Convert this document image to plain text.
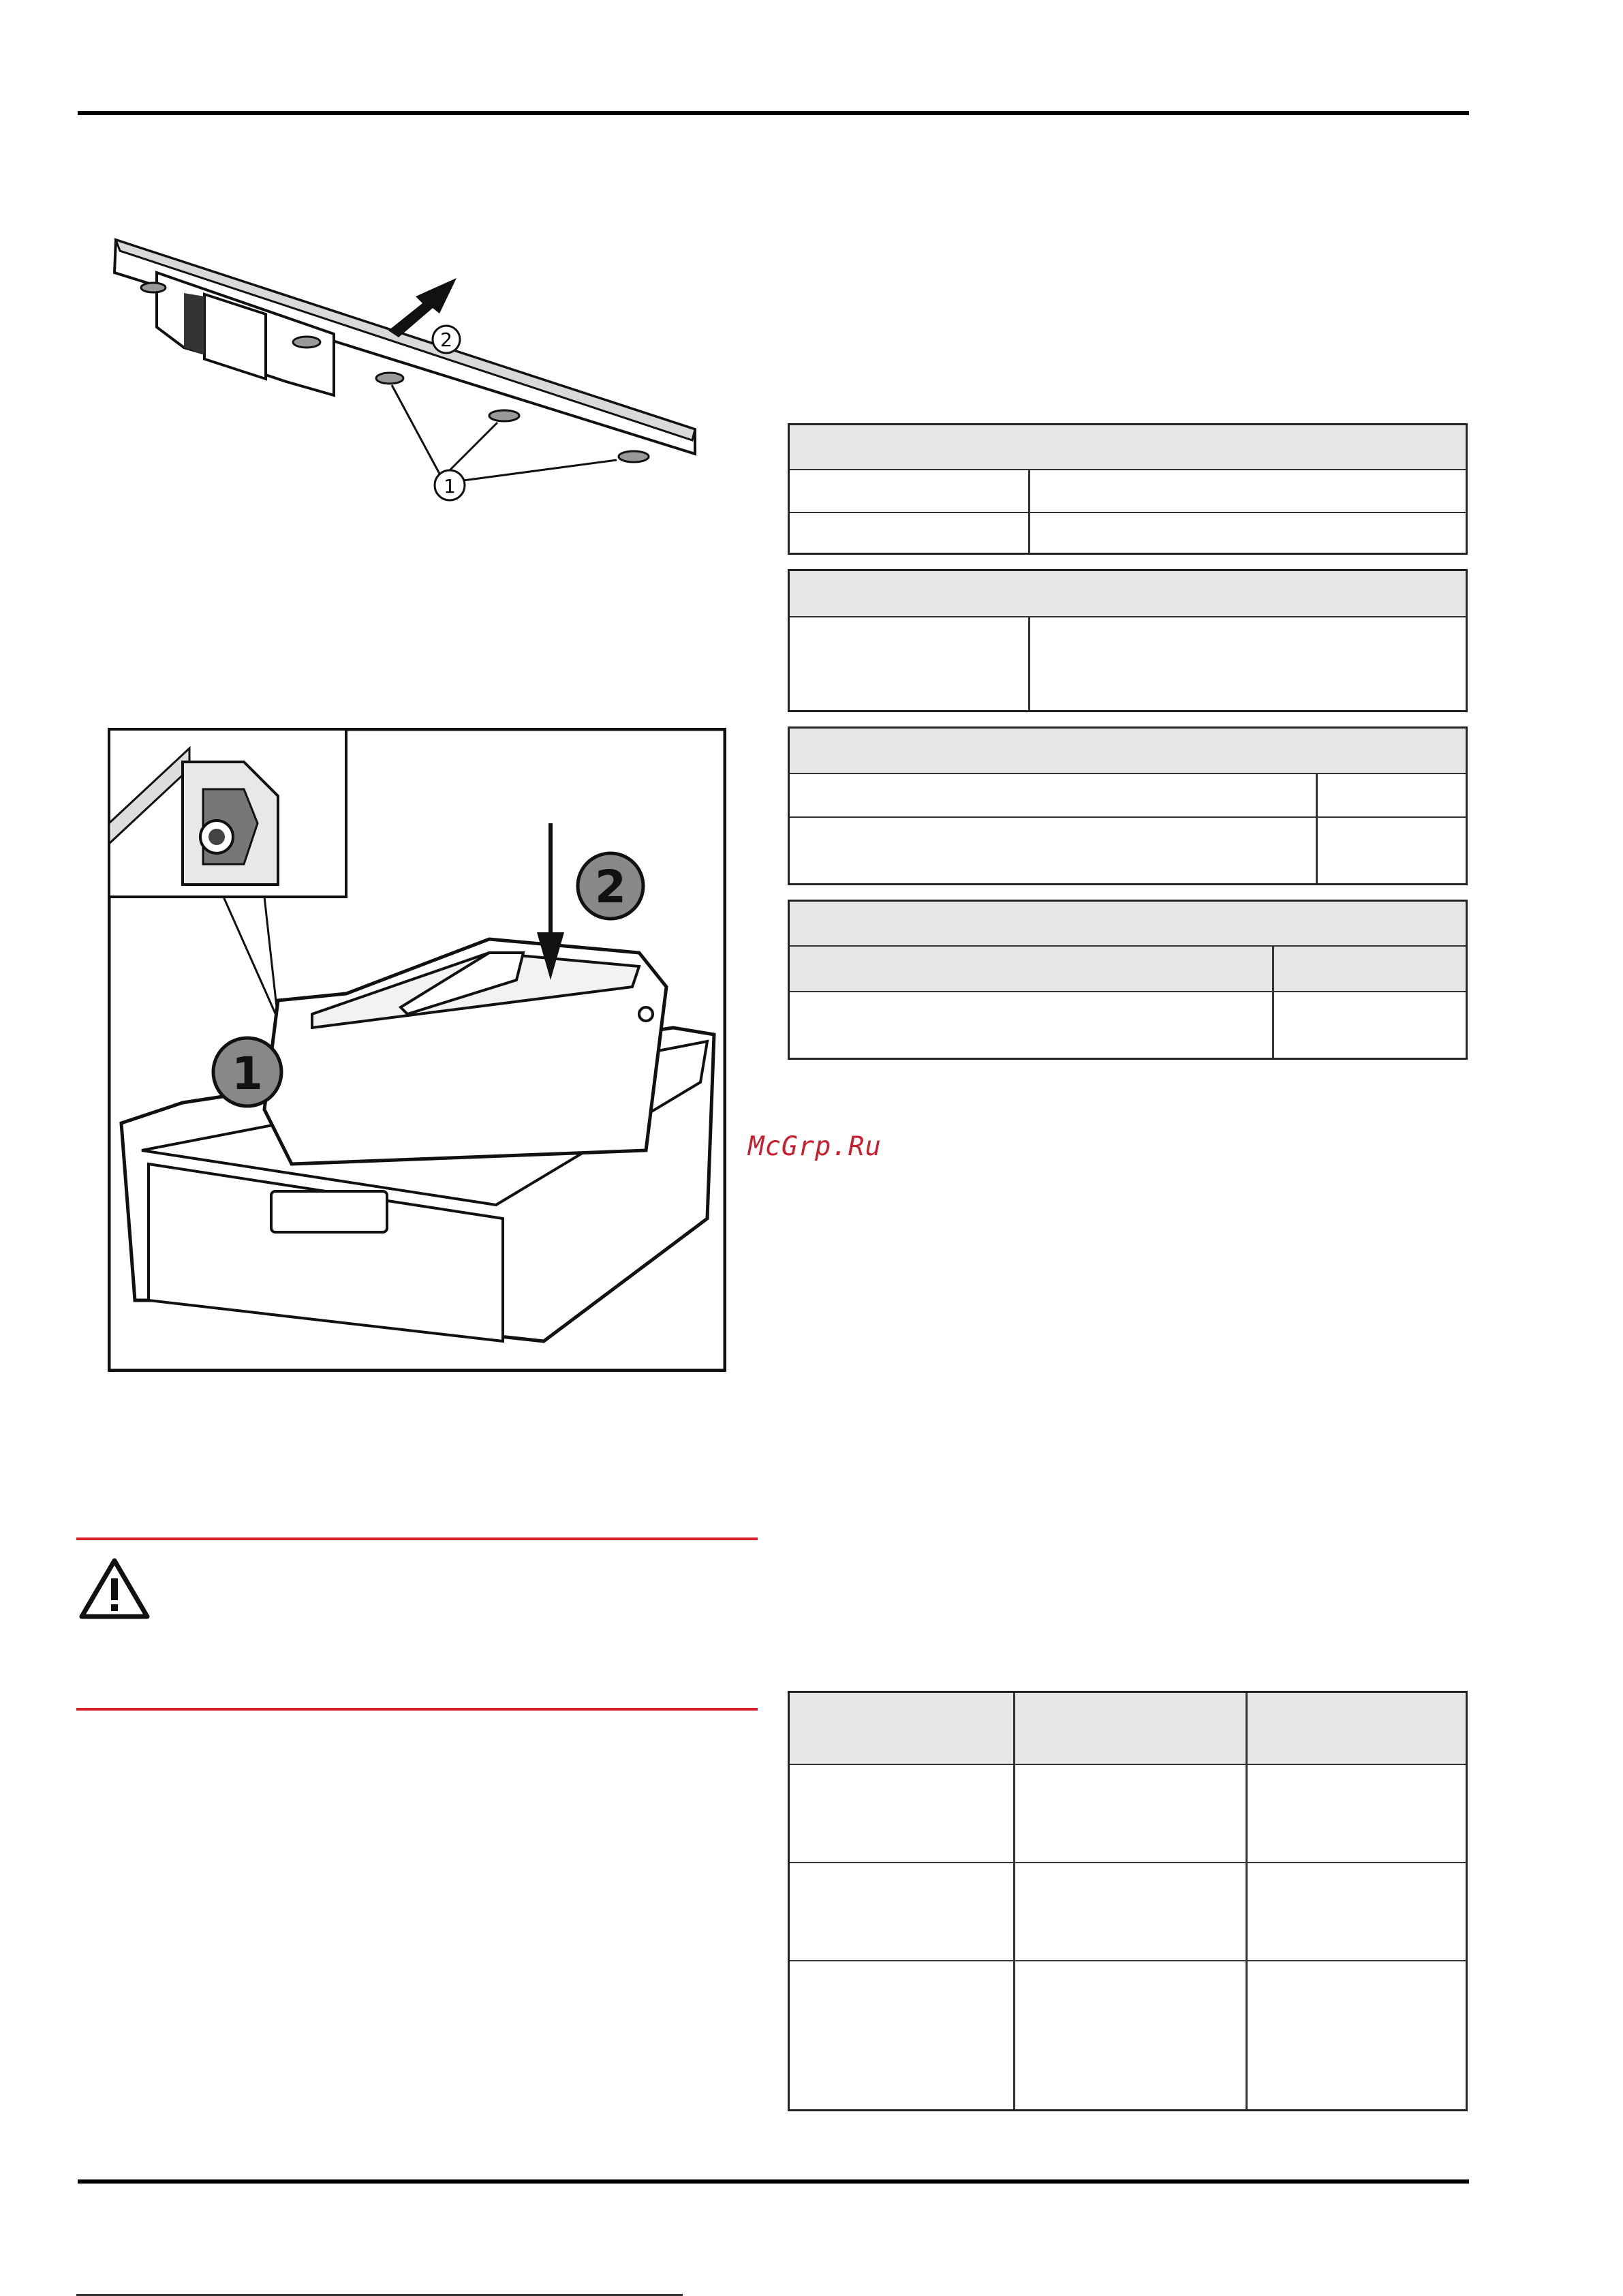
2
1
2
1
McGrp.Ru
